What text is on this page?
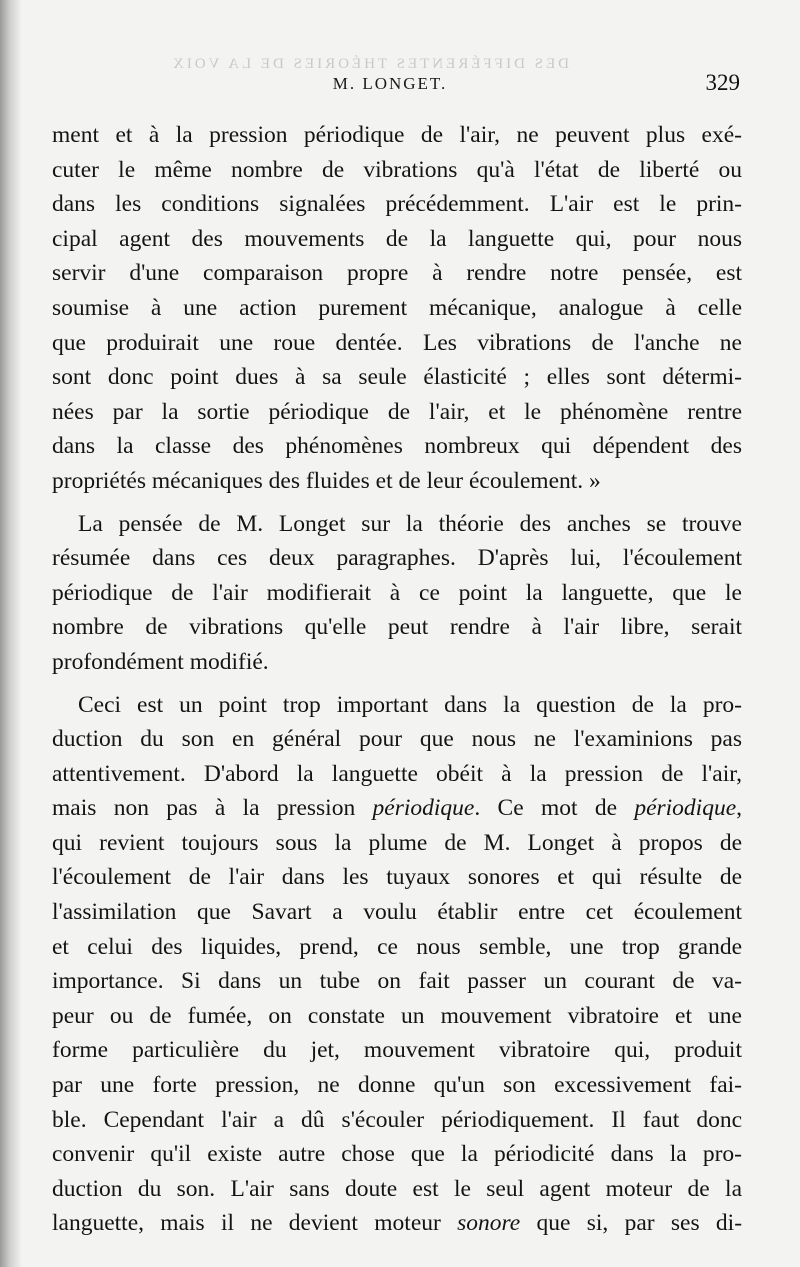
DES DIFFÉRENTES THÉORIES DE LA VOIX
M. LONGET.	329
ment et à la pression périodique de l'air, ne peuvent plus exé-
cuter le même nombre de vibrations qu'à l'état de liberté ou
dans les conditions signalées précédemment. L'air est le prin-
cipal agent des mouvements de la languette qui, pour nous
servir d'une comparaison propre à rendre notre pensée, est
soumise à une action purement mécanique, analogue à celle
que produirait une roue dentée. Les vibrations de l'anche ne
sont donc point dues à sa seule élasticité ; elles sont détermi-
nées par la sortie périodique de l'air, et le phénomène rentre
dans la classe des phénomènes nombreux qui dépendent des
propriétés mécaniques des fluides et de leur écoulement. »
La pensée de M. Longet sur la théorie des anches se trouve
résumée dans ces deux paragraphes. D'après lui, l'écoulement
périodique de l'air modifierait à ce point la languette, que le
nombre de vibrations qu'elle peut rendre à l'air libre, serait
profondément modifié.
Ceci est un point trop important dans la question de la pro-
duction du son en général pour que nous ne l'examinions pas
attentivement. D'abord la languette obéit à la pression de l'air,
mais non pas à la pression périodique. Ce mot de périodique,
qui revient toujours sous la plume de M. Longet à propos de
l'écoulement de l'air dans les tuyaux sonores et qui résulte de
l'assimilation que Savart a voulu établir entre cet écoulement
et celui des liquides, prend, ce nous semble, une trop grande
importance. Si dans un tube on fait passer un courant de va-
peur ou de fumée, on constate un mouvement vibratoire et une
forme particulière du jet, mouvement vibratoire qui, produit
par une forte pression, ne donne qu'un son excessivement fai-
ble. Cependant l'air a dû s'écouler périodiquement. Il faut donc
convenir qu'il existe autre chose que la périodicité dans la pro-
duction du son. L'air sans doute est le seul agent moteur de la
languette, mais il ne devient moteur sonore que si, par ses di-
